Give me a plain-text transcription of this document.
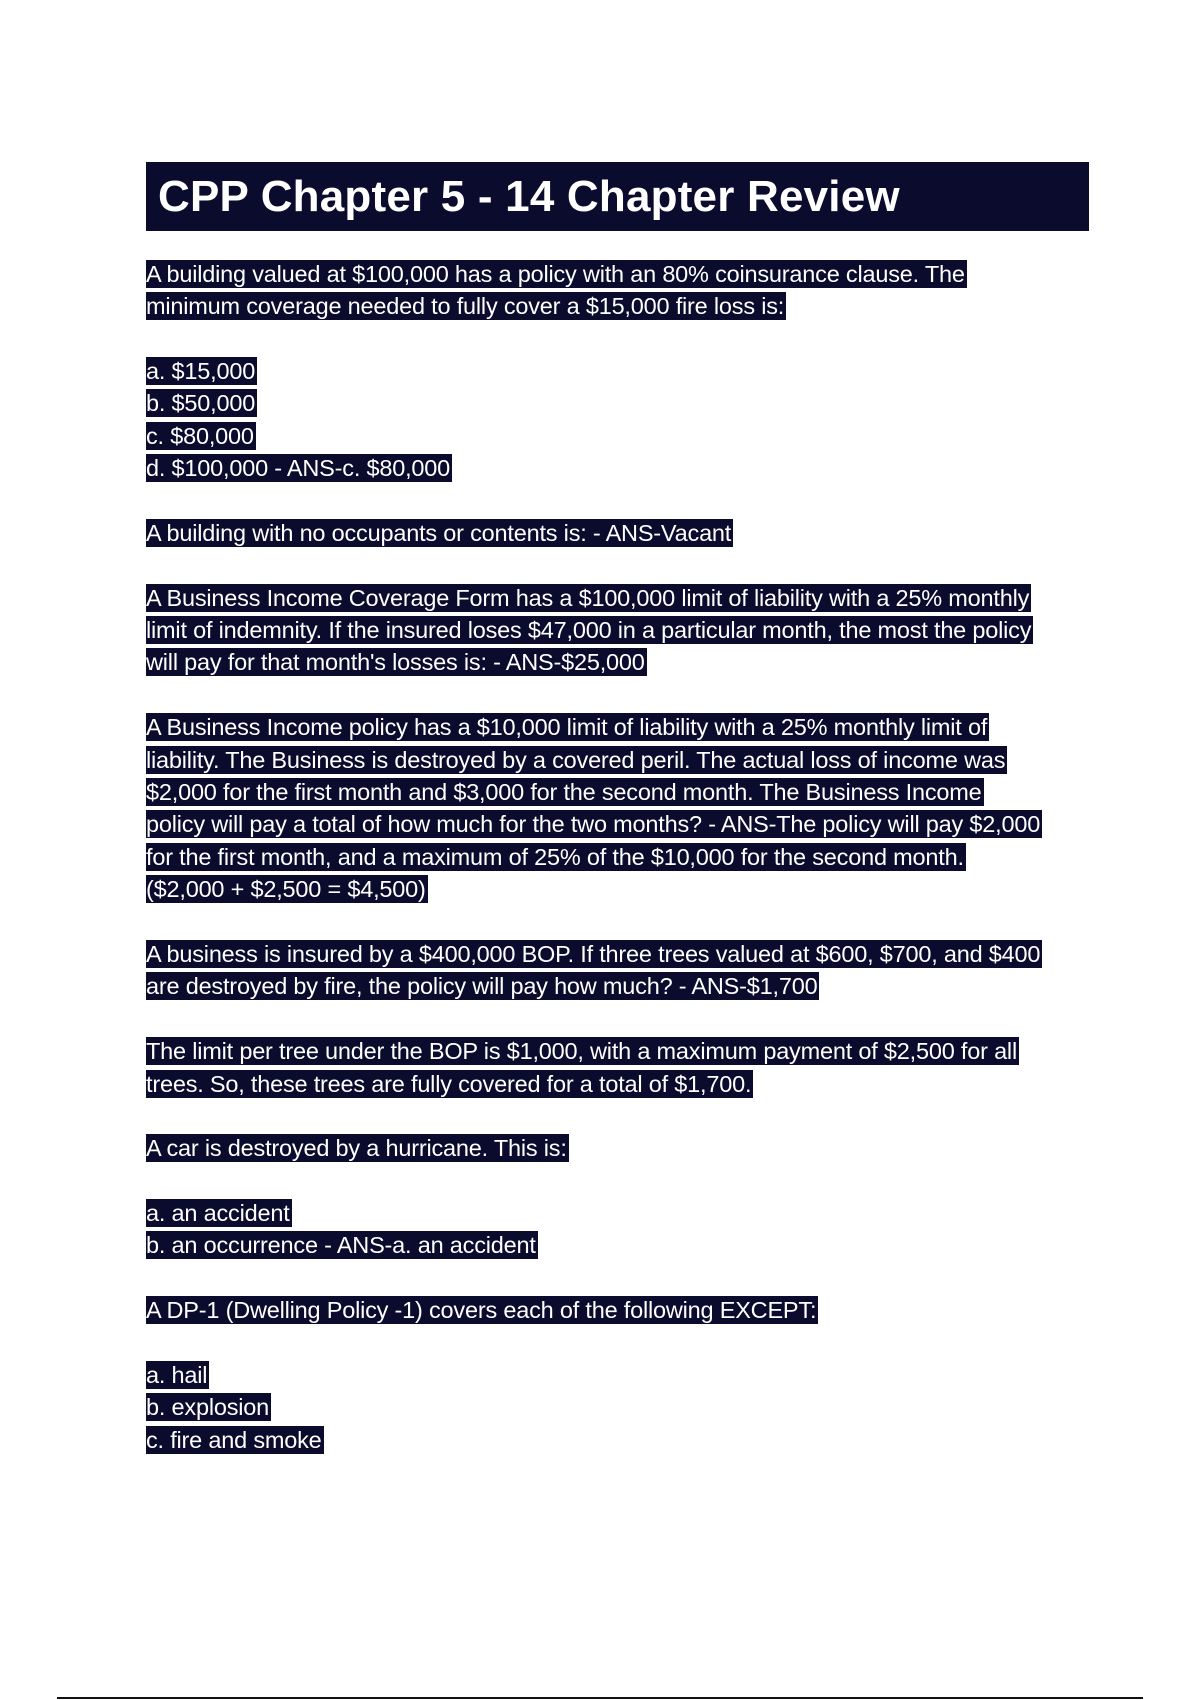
CPP Chapter 5 - 14 Chapter Review
A building valued at $100,000 has a policy with an 80% coinsurance clause. The
minimum coverage needed to fully cover a $15,000 fire loss is:
a. $15,000
b. $50,000
c. $80,000
d. $100,000 - ANS-c. $80,000
A building with no occupants or contents is: - ANS-Vacant
A Business Income Coverage Form has a $100,000 limit of liability with a 25% monthly
limit of indemnity. If the insured loses $47,000 in a particular month, the most the policy
will pay for that month's losses is: - ANS-$25,000
A Business Income policy has a $10,000 limit of liability with a 25% monthly limit of
liability. The Business is destroyed by a covered peril. The actual loss of income was
$2,000 for the first month and $3,000 for the second month. The Business Income
policy will pay a total of how much for the two months? - ANS-The policy will pay $2,000
for the first month, and a maximum of 25% of the $10,000 for the second month.
($2,000 + $2,500 = $4,500)
A business is insured by a $400,000 BOP. If three trees valued at $600, $700, and $400
are destroyed by fire, the policy will pay how much? - ANS-$1,700
The limit per tree under the BOP is $1,000, with a maximum payment of $2,500 for all
trees. So, these trees are fully covered for a total of $1,700.
A car is destroyed by a hurricane. This is:
a. an accident
b. an occurrence - ANS-a. an accident
A DP-1 (Dwelling Policy -1) covers each of the following EXCEPT:
a. hail
b. explosion
c. fire and smoke
